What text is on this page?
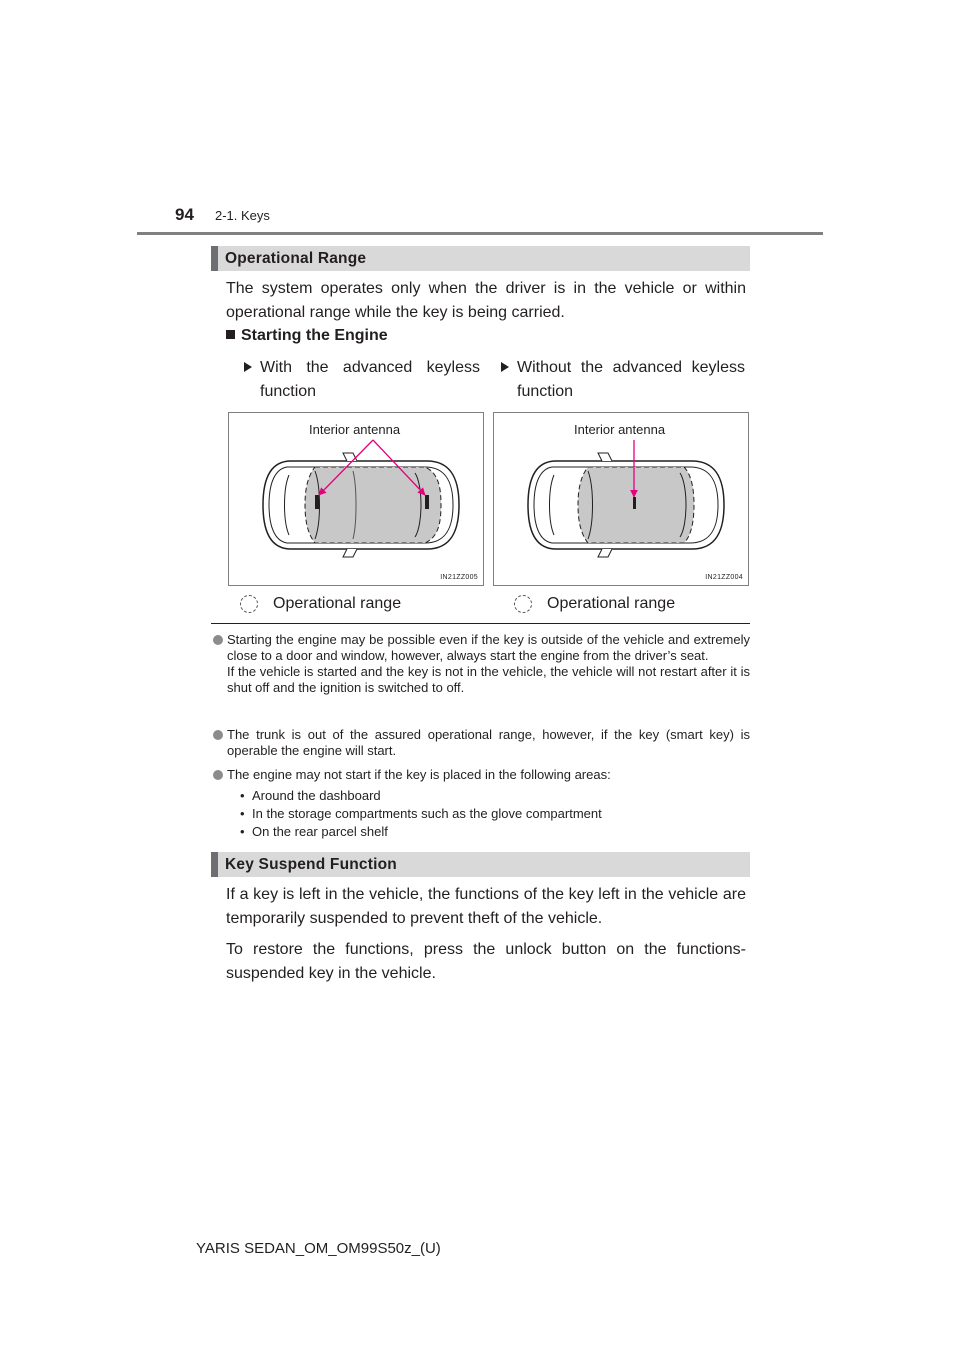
94 2-1. Keys
Operational Range
The system operates only when the driver is in the vehicle or within operational range while the key is being carried.
Starting the Engine
With the advanced keyless function
Without the advanced keyless function
Interior antenna
IN21ZZ005
Interior antenna
IN21ZZ004
Operational range	Operational range
Starting the engine may be possible even if the key is outside of the vehicle and extremely close to a door and window, however, always start the engine from the driver’s seat.
If the vehicle is started and the key is not in the vehicle, the vehicle will not restart after it is shut off and the ignition is switched to off.
The trunk is out of the assured operational range, however, if the key (smart key) is operable the engine will start.
The engine may not start if the key is placed in the following areas:
• Around the dashboard
• In the storage compartments such as the glove compartment
• On the rear parcel shelf
Key Suspend Function
If a key is left in the vehicle, the functions of the key left in the vehicle are temporarily suspended to prevent theft of the vehicle.
To restore the functions, press the unlock button on the functions-suspended key in the vehicle.
YARIS SEDAN_OM_OM99S50z_(U)
